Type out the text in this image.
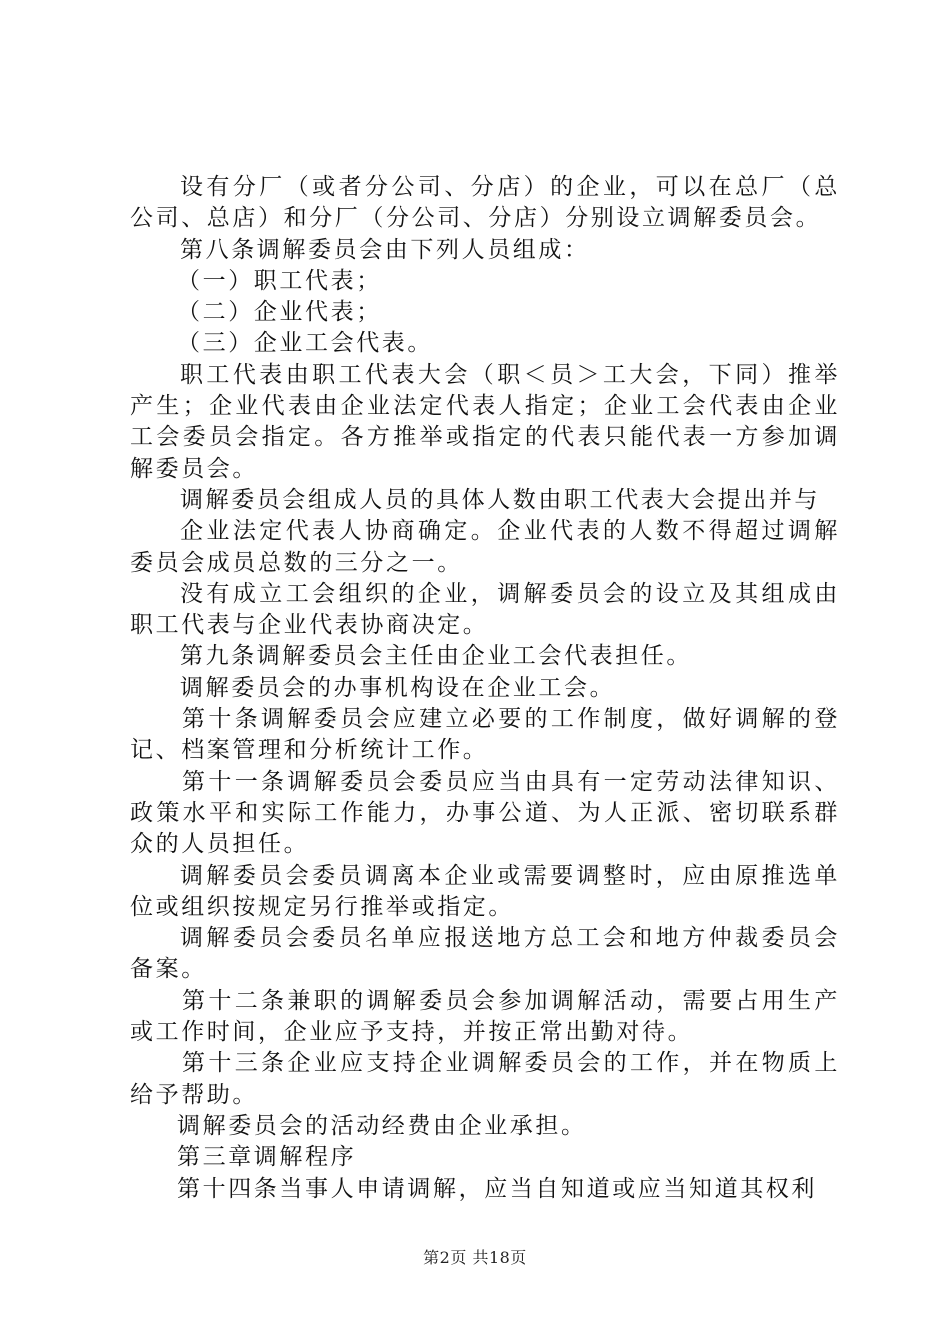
设有分厂（或者分公司、分店）的企业，可以在总厂（总
公司、总店）和分厂（分公司、分店）分别设立调解委员会。
第八条调解委员会由下列人员组成：
（一）职工代表；
（二）企业代表；
（三）企业工会代表。
职工代表由职工代表大会（职＜员＞工大会，下同）推举
产生；企业代表由企业法定代表人指定；企业工会代表由企业
工会委员会指定。各方推举或指定的代表只能代表一方参加调
解委员会。
调解委员会组成人员的具体人数由职工代表大会提出并与
企业法定代表人协商确定。企业代表的人数不得超过调解
委员会成员总数的三分之一。
没有成立工会组织的企业，调解委员会的设立及其组成由
职工代表与企业代表协商决定。
第九条调解委员会主任由企业工会代表担任。
调解委员会的办事机构设在企业工会。
第十条调解委员会应建立必要的工作制度，做好调解的登
记、档案管理和分析统计工作。
第十一条调解委员会委员应当由具有一定劳动法律知识、
政策水平和实际工作能力，办事公道、为人正派、密切联系群
众的人员担任。
调解委员会委员调离本企业或需要调整时，应由原推选单
位或组织按规定另行推举或指定。
调解委员会委员名单应报送地方总工会和地方仲裁委员会
备案。
第十二条兼职的调解委员会参加调解活动，需要占用生产
或工作时间，企业应予支持，并按正常出勤对待。
第十三条企业应支持企业调解委员会的工作，并在物质上
给予帮助。
调解委员会的活动经费由企业承担。
第三章调解程序
第十四条当事人申请调解，应当自知道或应当知道其权利
第2页 共18页
